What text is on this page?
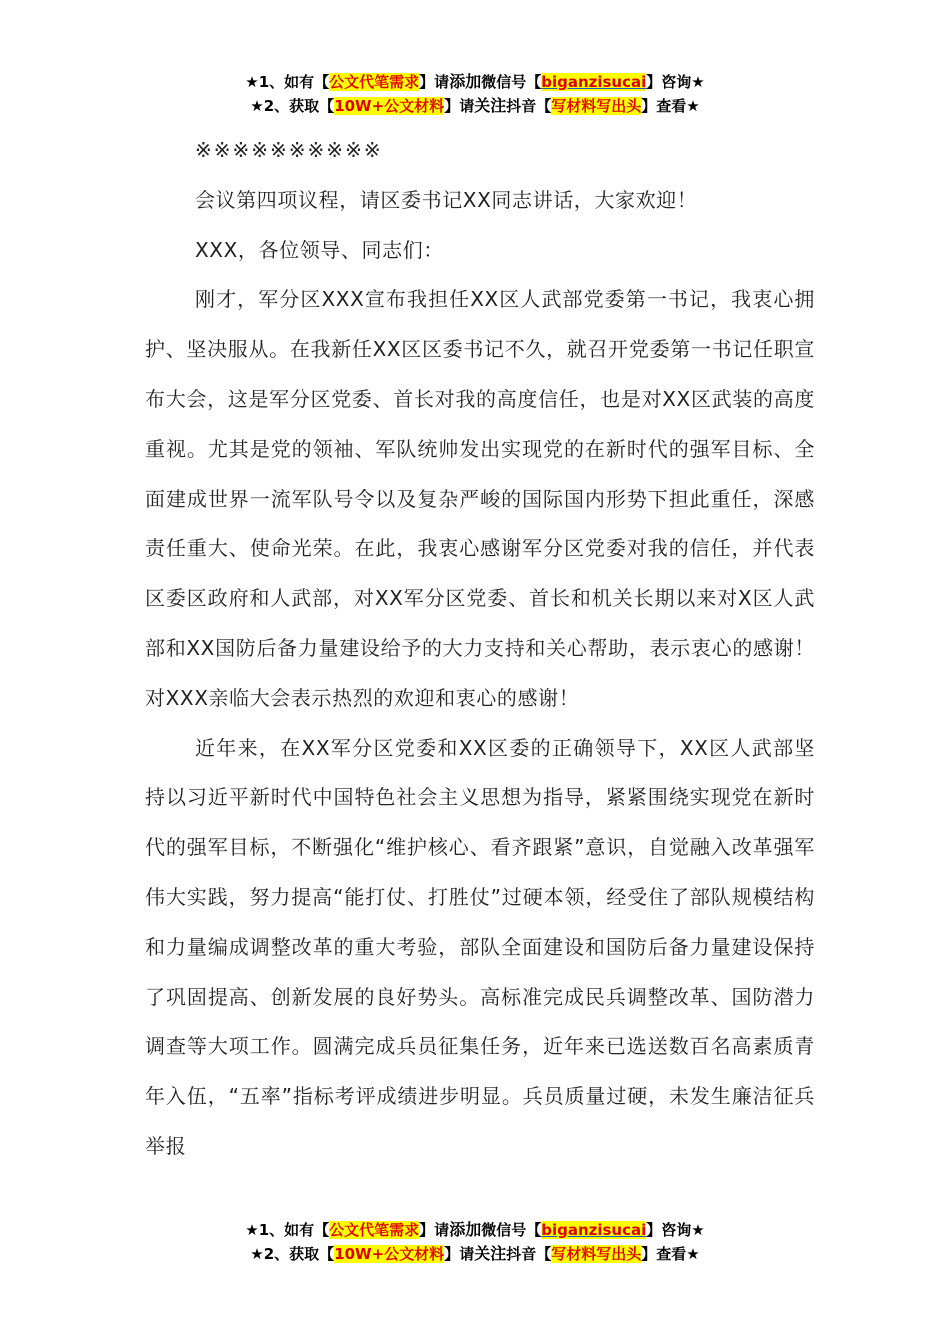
★1、如有【公文代笔需求】请添加微信号【biganzisucai】咨询★
★2、获取【10W+公文材料】请关注抖音【写材料写出头】查看★

※※※※※※※※※※

会议第四项议程，请区委书记XX同志讲话，大家欢迎！

XXX，各位领导、同志们：

刚才，军分区XXX宣布我担任XX区人武部党委第一书记，我衷心拥护、坚决服从。在我新任XX区区委书记不久，就召开党委第一书记任职宣布大会，这是军分区党委、首长对我的高度信任，也是对XX区武装的高度重视。尤其是党的领袖、军队统帅发出实现党的在新时代的强军目标、全面建成世界一流军队号令以及复杂严峻的国际国内形势下担此重任，深感责任重大、使命光荣。在此，我衷心感谢军分区党委对我的信任，并代表区委区政府和人武部，对XX军分区党委、首长和机关长期以来对X区人武部和XX国防后备力量建设给予的大力支持和关心帮助，表示衷心的感谢！对XXX亲临大会表示热烈的欢迎和衷心的感谢！

近年来，在XX军分区党委和XX区委的正确领导下，XX区人武部坚持以习近平新时代中国特色社会主义思想为指导，紧紧围绕实现党在新时代的强军目标，不断强化“维护核心、看齐跟紧”意识，自觉融入改革强军伟大实践，努力提高“能打仗、打胜仗”过硬本领，经受住了部队规模结构和力量编成调整改革的重大考验，部队全面建设和国防后备力量建设保持了巩固提高、创新发展的良好势头。高标准完成民兵调整改革、国防潜力调查等大项工作。圆满完成兵员征集任务，近年来已选送数百名高素质青年入伍，“五率”指标考评成绩进步明显。兵员质量过硬，未发生廉洁征兵举报

★1、如有【公文代笔需求】请添加微信号【biganzisucai】咨询★
★2、获取【10W+公文材料】请关注抖音【写材料写出头】查看★
